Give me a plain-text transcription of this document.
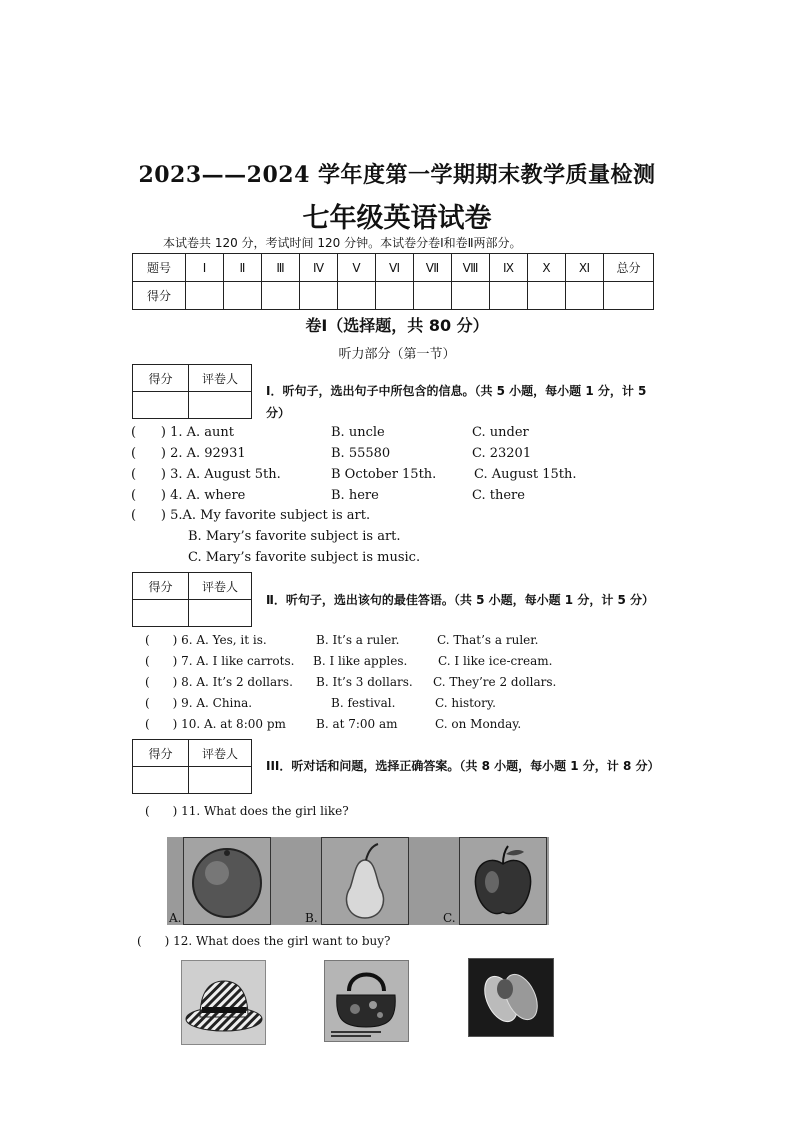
2023——2024 学年度第一学期期末教学质量检测
七年级英语试卷
本试卷共 120 分，考试时间 120 分钟。本试卷分卷Ⅰ和卷Ⅱ两部分。
题号	Ⅰ	Ⅱ	Ⅲ	Ⅳ	Ⅴ	Ⅵ	Ⅶ	Ⅷ	Ⅸ	Ⅹ	Ⅺ	总分
得分												
卷Ⅰ（选择题，共 80 分）
听力部分（第一节）
得分	评卷人

Ⅰ．听句子，选出句子中所包含的信息。（共 5 小题，每小题 1 分，计 5 分）
(      ) 1. A. aunt	B. uncle	C. under
(      ) 2. A. 92931	B. 55580	C. 23201
(      ) 3. A. August 5th.	B October 15th.	C. August 15th.
(      ) 4. A. where	B. here	C. there
(      ) 5.A. My favorite subject is art.
B. Mary’s favorite subject is art.
C. Mary’s favorite subject is music.
得分	评卷人

Ⅱ．听句子，选出该句的最佳答语。（共 5 小题，每小题 1 分，计 5 分）
(      ) 6. A. Yes, it is.	B. It’s a ruler.	C. That’s a ruler.
(      ) 7. A. I like carrots. B. I like apples.	C. I like ice-cream.
(      ) 8. A. It’s 2 dollars. B. It’s 3 dollars. C. They’re 2 dollars.
(      ) 9. A. China.	B. festival.	C. history.
(      ) 10. A. at 8:00 pm	B. at 7:00 am	C. on Monday.
得分	评卷人

III．听对话和问题，选择正确答案。（共 8 小题，每小题 1 分，计 8 分）
(      ) 11. What does the girl like?
A.	B.	C.
(      ) 12. What does the girl want to buy?
